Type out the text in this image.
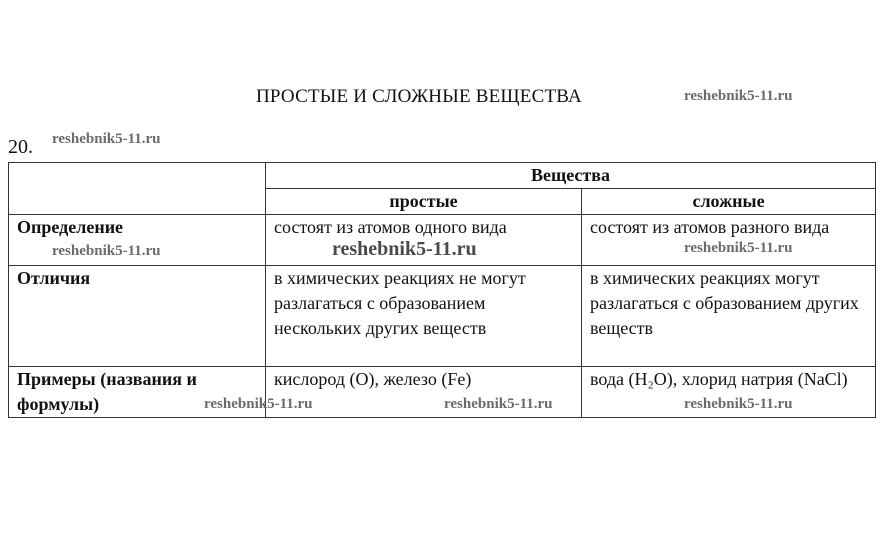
ПРОСТЫЕ И СЛОЖНЫЕ ВЕЩЕСТВА
20.
	Вещества	
	простые	сложные
Определение	состоят из атомов одного вида	состоят из атомов разного вида
Отличия	в химических реакциях не могут разлагаться с образованием нескольких других веществ	в химических реакциях могут разлагаться с образованием других веществ
Примеры (названия и формулы)	кислород (О), железо (Fe)	вода (H₂O), хлорид натрия (NaCl)
reshebnik5-11.ru
reshebnik5-11.ru
reshebnik5-11.ru	reshebnik5-11.ru	reshebnik5-11.ru
reshebnik5-11.ru	reshebnik5-11.ru	reshebnik5-11.ru
